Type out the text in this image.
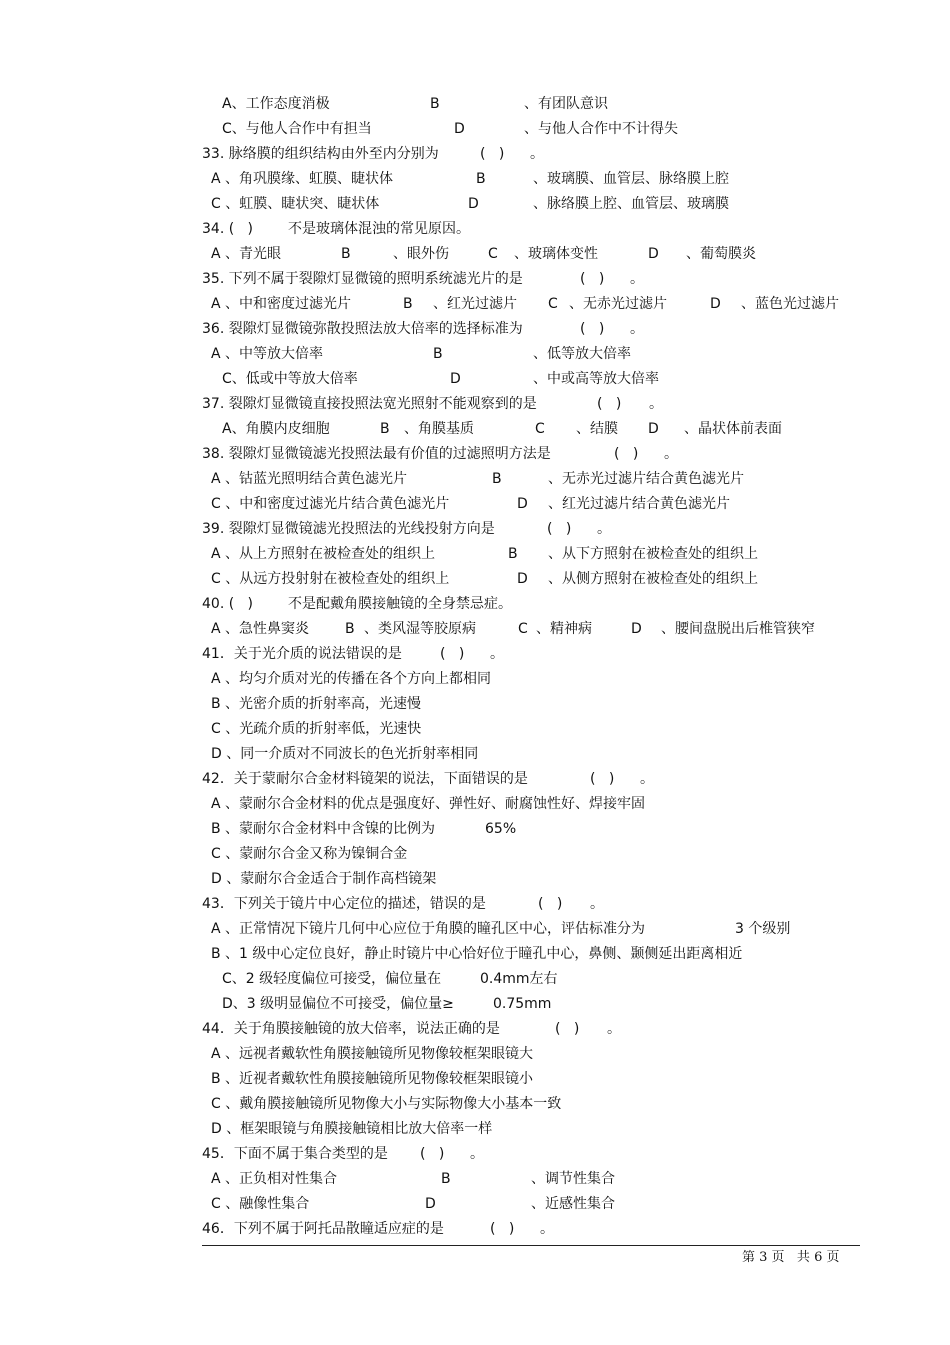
A、工作态度消极	B	、有团队意识
C、与他人合作中有担当	D	、与他人合作中不计得失
33. 脉络膜的组织结构由外至内分别为	(   ) 。
A 、角巩膜缘、虹膜、睫状体	B	、玻璃膜、血管层、脉络膜上腔
C 、虹膜、睫状突、睫状体	D	、脉络膜上腔、血管层、玻璃膜
34. (   )	不是玻璃体混浊的常见原因。
A 、青光眼	B	、眼外伤	C 、玻璃体变性	D 、葡萄膜炎
35. 下列不属于裂隙灯显微镜的照明系统滤光片的是	(   ) 。
A 、中和密度过滤光片	B 、红光过滤片 C 、无赤光过滤片	D 、蓝色光过滤片
36. 裂隙灯显微镜弥散投照法放大倍率的选择标准为	(   ) 。
A 、中等放大倍率	B	、低等放大倍率
C、低或中等放大倍率	D	、中或高等放大倍率
37. 裂隙灯显微镜直接投照法宽光照射不能观察到的是	(   ) 。
A、角膜内皮细胞	B 、角膜基质	C 、结膜 D 、晶状体前表面
38. 裂隙灯显微镜滤光投照法最有价值的过滤照明方法是	(   ) 。
A 、钴蓝光照明结合黄色滤光片	B	、无赤光过滤片结合黄色滤光片
C 、中和密度过滤光片结合黄色滤光片	D 、红光过滤片结合黄色滤光片
39. 裂隙灯显微镜滤光投照法的光线投射方向是	(   ) 。
A 、从上方照射在被检查处的组织上	B 、从下方照射在被检查处的组织上
C 、从远方投射射在被检查处的组织上	D 、从侧方照射在被检查处的组织上
40. (   )	不是配戴角膜接触镜的全身禁忌症。
A 、急性鼻窦炎	B 、类风湿等胶原病	C 、精神病	D 、腰间盘脱出后椎管狭窄
41．关于光介质的说法错误的是	(   ) 。
A 、均匀介质对光的传播在各个方向上都相同
B 、光密介质的折射率高，光速慢
C 、光疏介质的折射率低，光速快
D 、同一介质对不同波长的色光折射率相同
42．关于蒙耐尔合金材料镜架的说法，下面错误的是	(   ) 。
A 、蒙耐尔合金材料的优点是强度好、弹性好、耐腐蚀性好、焊接牢固
B 、蒙耐尔合金材料中含镍的比例为	65%
C 、蒙耐尔合金又称为镍铜合金
D 、蒙耐尔合金适合于制作高档镜架
43．下列关于镜片中心定位的描述，错误的是	(   ) 。
A 、正常情况下镜片几何中心应位于角膜的瞳孔区中心，评估标准分为	3 个级别
B 、1 级中心定位良好，静止时镜片中心恰好位于瞳孔中心，鼻侧、颞侧延出距离相近
C、2 级轻度偏位可接受，偏位量在	0.4mm左右
D、3 级明显偏位不可接受，偏位量≥	0.75mm
44．关于角膜接触镜的放大倍率，说法正确的是	(   ) 。
A 、远视者戴软性角膜接触镜所见物像较框架眼镜大
B 、近视者戴软性角膜接触镜所见物像较框架眼镜小
C 、戴角膜接触镜所见物像大小与实际物像大小基本一致
D 、框架眼镜与角膜接触镜相比放大倍率一样
45．下面不属于集合类型的是 (   ) 。
A 、正负相对性集合	B	、调节性集合
C 、融像性集合	D	、近感性集合
46．下列不属于阿托品散瞳适应症的是	(   ) 。
第 3 页   共 6 页
